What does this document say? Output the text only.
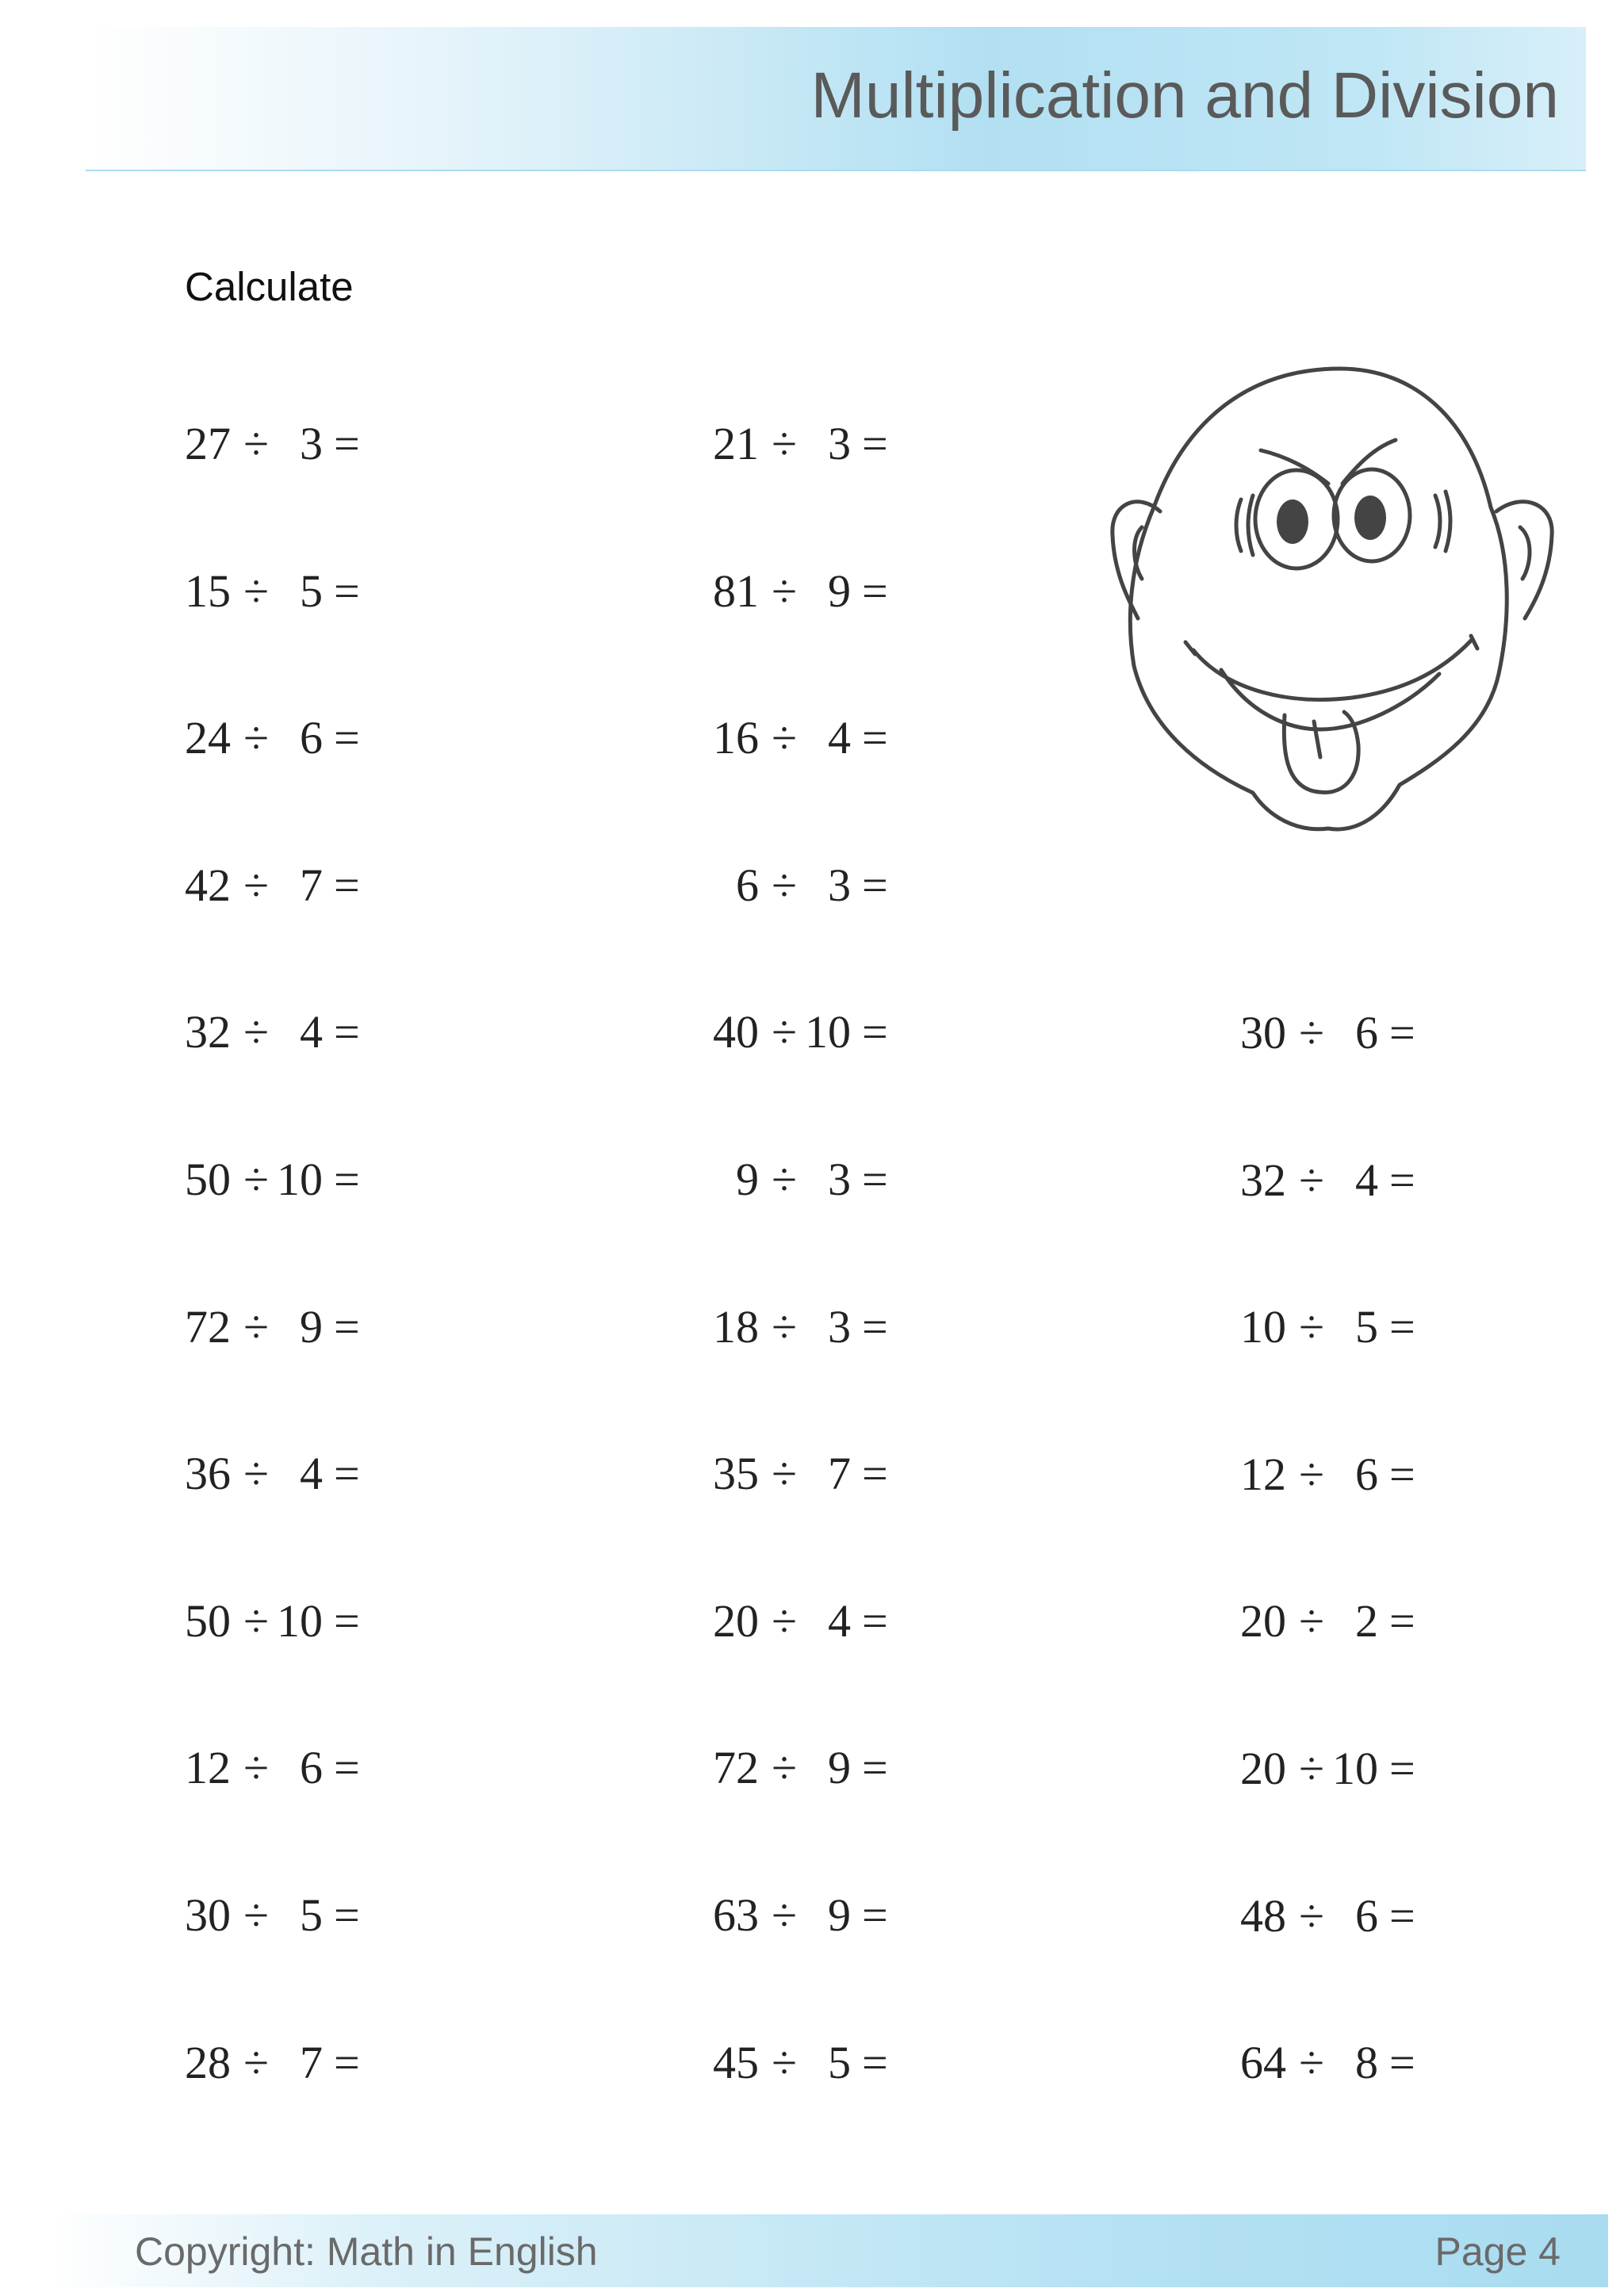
Multiplication and Division
Calculate
27 ÷ 3 =
15 ÷ 5 =
24 ÷ 6 =
42 ÷ 7 =
32 ÷ 4 =
50 ÷ 10 =
72 ÷ 9 =
36 ÷ 4 =
50 ÷ 10 =
12 ÷ 6 =
30 ÷ 5 =
28 ÷ 7 =
21 ÷ 3 =
81 ÷ 9 =
16 ÷ 4 =
6 ÷ 3 =
40 ÷ 10 =
9 ÷ 3 =
18 ÷ 3 =
35 ÷ 7 =
20 ÷ 4 =
72 ÷ 9 =
63 ÷ 9 =
45 ÷ 5 =
30 ÷ 6 =
32 ÷ 4 =
10 ÷ 5 =
12 ÷ 6 =
20 ÷ 2 =
20 ÷ 10 =
48 ÷ 6 =
64 ÷ 8 =
Copyright: Math in English	Page 4
